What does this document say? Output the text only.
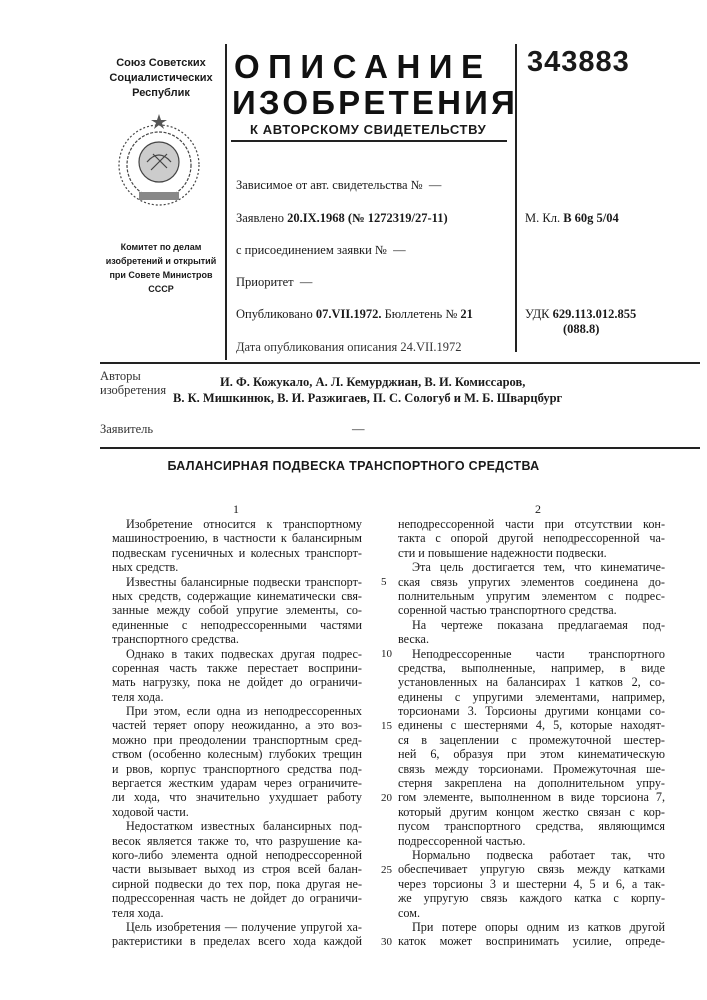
Союз Советских
Социалистических
Республик
Комитет по делам
изобретений и открытий
при Совете Министров
СССР
ОПИСАНИЕ
ИЗОБРЕТЕНИЯ
К АВТОРСКОМУ СВИДЕТЕЛЬСТВУ
343883
Зависимое от авт. свидетельства № —
Заявлено 20.IX.1968 (№ 1272319/27-11)
с присоединением заявки № —
Приоритет —
Опубликовано 07.VII.1972. Бюллетень № 21
Дата опубликования описания 24.VII.1972
М. Кл. B 60g 5/04
УДК 629.113.012.855
(088.8)
Авторы
изобретения
И. Ф. Кожукало, А. Л. Кемурджиан, В. И. Комиссаров,
В. К. Мишкинюк, В. И. Разжигаев, П. С. Сологуб и М. Б. Шварцбург
Заявитель	—
БАЛАНСИРНАЯ ПОДВЕСКА ТРАНСПОРТНОГО СРЕДСТВА
1	2
Изобретение относится к транспортному
машиностроению, в частности к балансирным
подвескам гусеничных и колесных транспорт-
ных средств.
Известны балансирные подвески транспорт-
ных средств, содержащие кинематически свя-
занные между собой упругие элементы, со-
единенные с неподрессоренными частями
транспортного средства.
Однако в таких подвесках другая подрес-
соренная часть также перестает восприни-
мать нагрузку, пока не дойдет до ограничи-
теля хода.
При этом, если одна из неподрессоренных
частей теряет опору неожиданно, а это воз-
можно при преодолении транспортным сред-
ством (особенно колесным) глубоких трещин
и рвов, корпус транспортного средства под-
вергается жестким ударам через ограничите-
ли хода, что значительно ухудшает работу
ходовой части.
Недостатком известных балансирных под-
весок является также то, что разрушение ка-
кого-либо элемента одной неподрессоренной
части вызывает выход из строя всей балан-
сирной подвески до тех пор, пока другая не-
подрессоренная часть не дойдет до ограничи-
теля хода.
Цель изобретения — получение упругой ха-
рактеристики в пределах всего хода каждой
неподрессоренной части при отсутствии кон-
такта с опорой другой неподрессоренной ча-
сти и повышение надежности подвески.
Эта цель достигается тем, что кинематиче-
ская связь упругих элементов соединена до-
полнительным упругим элементом с подрес-
соренной частью транспортного средства.
На чертеже показана предлагаемая под-
веска.
Неподрессоренные части транспортного
средства, выполненные, например, в виде
установленных на балансирах 1 катков 2, со-
единены с упругими элементами, например,
торсионами 3. Торсионы другими концами со-
единены с шестернями 4, 5, которые находят-
ся в зацеплении с промежуточной шестер-
ней 6, образуя при этом кинематическую
связь между торсионами. Промежуточная ше-
стерня закреплена на дополнительном упру-
гом элементе, выполненном в виде торсиона 7,
который другим концом жестко связан с кор-
пусом транспортного средства, являющимся
подрессоренной частью.
Нормально подвеска работает так, что
обеспечивает упругую связь между катками
через торсионы 3 и шестерни 4, 5 и 6, а так-
же упругую связь каждого катка с корпу-
сом.
При потере опоры одним из катков другой
каток может воспринимать усилие, опреде-
5
10
15
20
25
30
